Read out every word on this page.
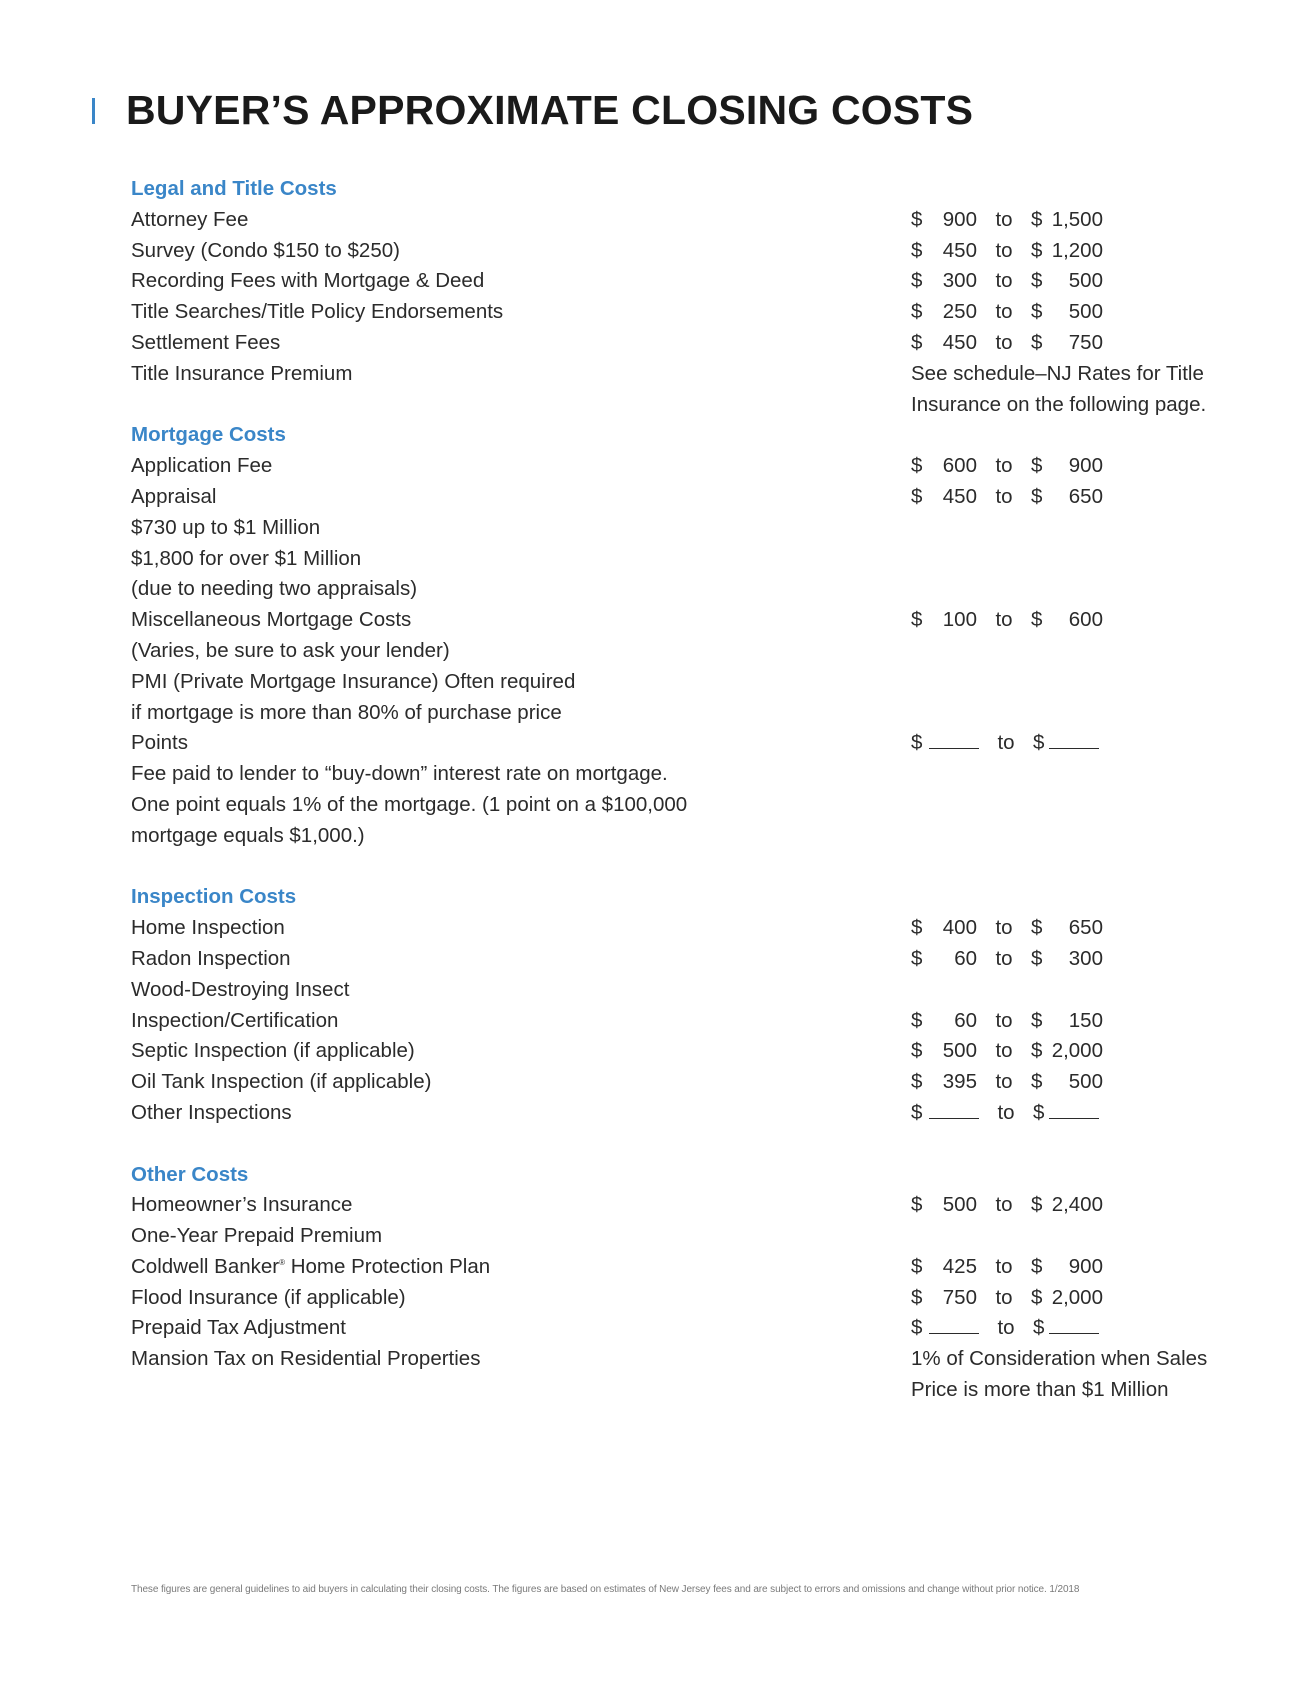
BUYER’S APPROXIMATE CLOSING COSTS
Legal and Title Costs
Attorney Fee	$ 900 to $ 1,500
Survey (Condo $150 to $250)	$ 450 to $ 1,200
Recording Fees with Mortgage & Deed	$ 300 to $	500
Title Searches/Title Policy Endorsements	$ 250 to $	500
Settlement Fees	$ 450 to $	750
Title Insurance Premium	See schedule–NJ Rates for Title
Insurance on the following page.
Mortgage Costs
Application Fee	$ 600 to $	900
Appraisal	$ 450 to $	650
$730 up to $1 Million
$1,800 for over $1 Million
(due to needing two appraisals)
Miscellaneous Mortgage Costs	$ 100 to $	600
(Varies, be sure to ask your lender)
PMI (Private Mortgage Insurance) Often required
if mortgage is more than 80% of purchase price
Points	$	to $
Fee paid to lender to “buy-down” interest rate on mortgage.
One point equals 1% of the mortgage. (1 point on a $100,000
mortgage equals $1,000.)
Inspection Costs
Home Inspection	$ 400 to $	650
Radon Inspection	$	60 to $	300
Wood-Destroying Insect
Inspection/Certification	$	60 to $	150
Septic Inspection (if applicable)	$ 500 to $ 2,000
Oil Tank Inspection (if applicable)	$ 395 to $	500
Other Inspections	$	to $
Other Costs
Homeowner’s Insurance	$ 500 to $ 2,400
One-Year Prepaid Premium
Coldwell Banker® Home Protection Plan	$ 425 to $	900
Flood Insurance (if applicable)	$ 750 to $ 2,000
Prepaid Tax Adjustment	$	to $
Mansion Tax on Residential Properties	1% of Consideration when Sales
Price is more than $1 Million
These figures are general guidelines to aid buyers in calculating their closing costs. The figures are based on estimates of New Jersey fees and are subject to errors and omissions and change without prior notice. 1/2018
